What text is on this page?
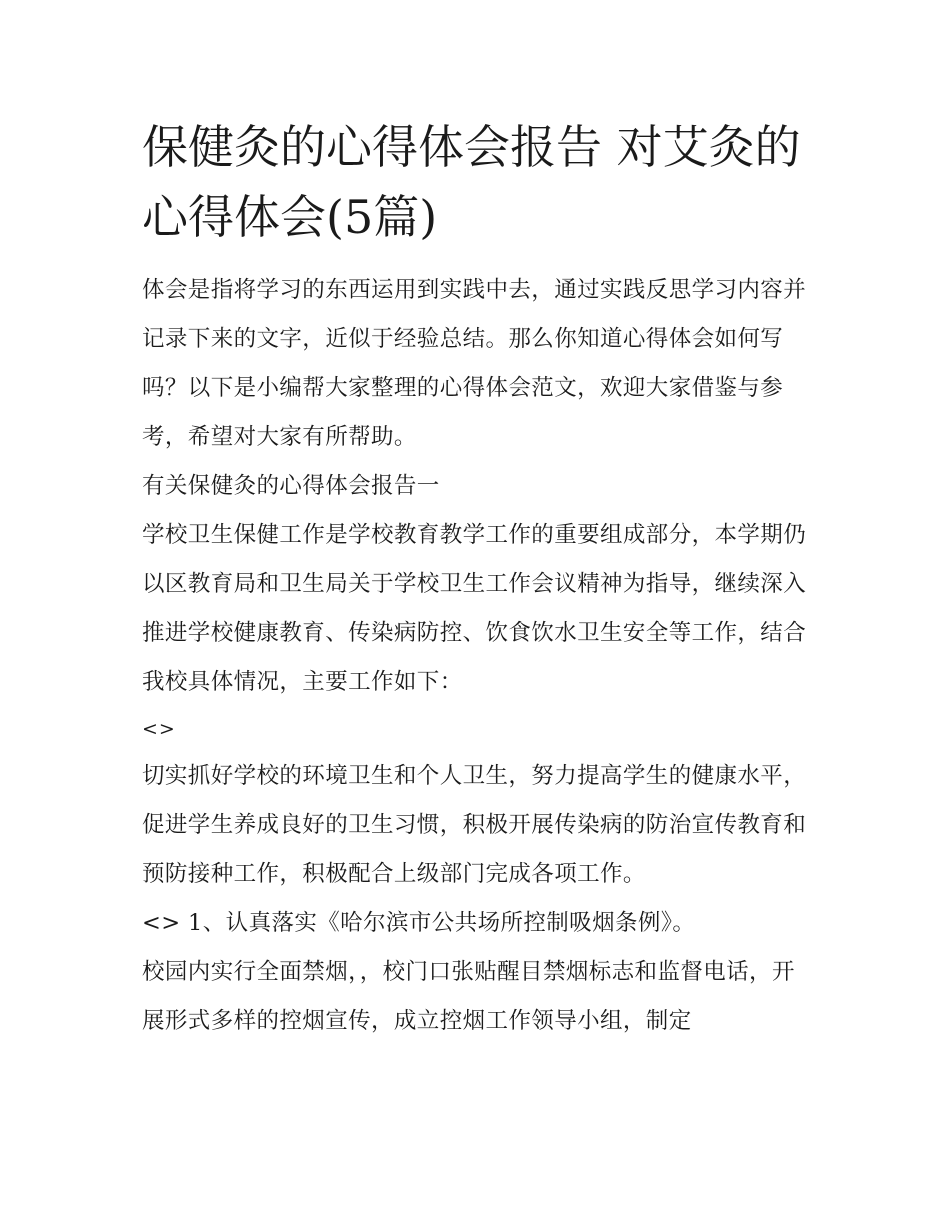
保健灸的心得体会报告 对艾灸的心得体会(5篇)

体会是指将学习的东西运用到实践中去，通过实践反思学习内容并记录下来的文字，近似于经验总结。那么你知道心得体会如何写吗？以下是小编帮大家整理的心得体会范文，欢迎大家借鉴与参考，希望对大家有所帮助。

有关保健灸的心得体会报告一

学校卫生保健工作是学校教育教学工作的重要组成部分，本学期仍以区教育局和卫生局关于学校卫生工作会议精神为指导，继续深入推进学校健康教育、传染病防控、饮食饮水卫生安全等工作，结合我校具体情况，主要工作如下：

<>

切实抓好学校的环境卫生和个人卫生，努力提高学生的健康水平，促进学生养成良好的卫生习惯，积极开展传染病的防治宣传教育和预防接种工作，积极配合上级部门完成各项工作。

<> 1、认真落实《哈尔滨市公共场所控制吸烟条例》。

校园内实行全面禁烟，，校门口张贴醒目禁烟标志和监督电话，开展形式多样的控烟宣传，成立控烟工作领导小组，制定
